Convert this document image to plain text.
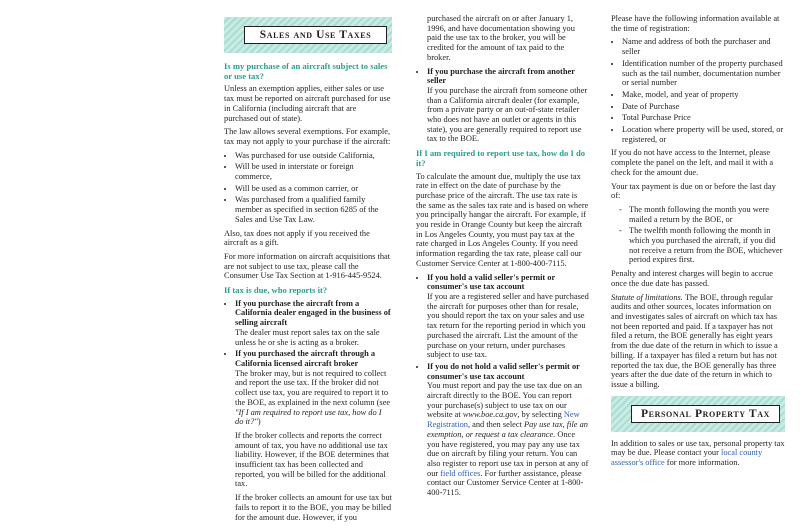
Sales and Use Taxes
Is my purchase of an aircraft subject to sales or use tax?

Unless an exemption applies, either sales or use tax must be reported on aircraft purchased for use in California (including aircraft that are purchased out of state).

The law allows several exemptions. For example, tax may not apply to your purchase if the aircraft:

• Was purchased for use outside California,
• Will be used in interstate or foreign commerce,
• Will be used as a common carrier, or
• Was purchased from a qualified family member as specified in section 6285 of the Sales and Use Tax Law.

Also, tax does not apply if you received the aircraft as a gift.

For more information on aircraft acquisitions that are not subject to use tax, please call the Consumer Use Tax Section at 1-916-445-9524.

If tax is due, who reports it?
• If you purchase the aircraft from a California dealer engaged in the business of selling aircraft
The dealer must report sales tax on the sale unless he or she is acting as a broker.
• If you purchased the aircraft through a California licensed aircraft broker
The broker may, but is not required to collect and report the use tax. If the broker did not collect use tax, you are required to report it to the BOE, as explained in the next column (see "If I am required to report use tax, how do I do it?")

If the broker collects and reports the correct amount of tax, you have no additional use tax liability. However, if the BOE determines that insufficient tax has been collected and reported, you will be billed for the additional tax.

If the broker collects an amount for use tax but fails to report it to the BOE, you may be billed for the amount due. However, if you

purchased the aircraft on or after January 1, 1996, and have documentation showing you paid the use tax to the broker, you will be credited for the amount of tax paid to the broker.

• If you purchase the aircraft from another seller
If you purchase the aircraft from someone other than a California aircraft dealer (for example, from a private party or an out-of-state retailer who does not have an outlet or agents in this state), you are generally required to report use tax to the BOE.
If I am required to report use tax, how do I do it?

To calculate the amount due, multiply the use tax rate in effect on the date of purchase by the purchase price of the aircraft. The use tax rate is the same as the sales tax rate and is based on where you principally hangar the aircraft. For example, if you reside in Orange County but keep the aircraft in Los Angeles County, you must pay tax at the rate charged in Los Angeles County. If you need information regarding the tax rate, please call our Customer Service Center at 1-800-400-7115.

• If you hold a valid seller's permit or consumer's use tax account
If you are a registered seller and have purchased the aircraft for purposes other than for resale, you should report the tax on your sales and use tax return for the reporting period in which you purchased the aircraft. List the amount of the purchase on your return, under purchases subject to use tax.
• If you do not hold a valid seller's permit or consumer's use tax account
You must report and pay the use tax due on an aircraft directly to the BOE. You can report your purchase(s) subject to use tax on our website at www.boe.ca.gov, by selecting New Registration, and then select Pay use tax, file an exemption, or request a tax clearance. Once you have registered, you may pay any use tax due on aircraft by filing your return. You can also register to report use tax in person at any of our field offices. For further assistance, please contact our Customer Service Center at 1-800-400-7115.

Please have the following information available at the time of registration:

• Name and address of both the purchaser and seller
• Identification number of the property purchased such as the tail number, documentation number or serial number
• Make, model, and year of property
• Date of Purchase
• Total Purchase Price
• Location where property will be used, stored, or registered, or

If you do not have access to the Internet, please complete the panel on the left, and mail it with a check for the amount due.

Your tax payment is due on or before the last day of:

- The month following the month you were mailed a return by the BOE, or
- The twelfth month following the month in which you purchased the aircraft, if you did not receive a return from the BOE, whichever period expires first.

Penalty and interest charges will begin to accrue once the due date has passed.

Statute of limitations. The BOE, through regular audits and other sources, locates information on and investigates sales of aircraft on which tax has not been reported and paid. If a taxpayer has not filed a return, the BOE generally has eight years from the due date of the return in which to issue a billing. If a taxpayer has filed a return but has not reported the tax due, the BOE generally has three years after the due date of the return in which to issue a billing.

Personal Property Tax

In addition to sales or use tax, personal property tax may be due. Please contact your local county assessor's office for more information.
